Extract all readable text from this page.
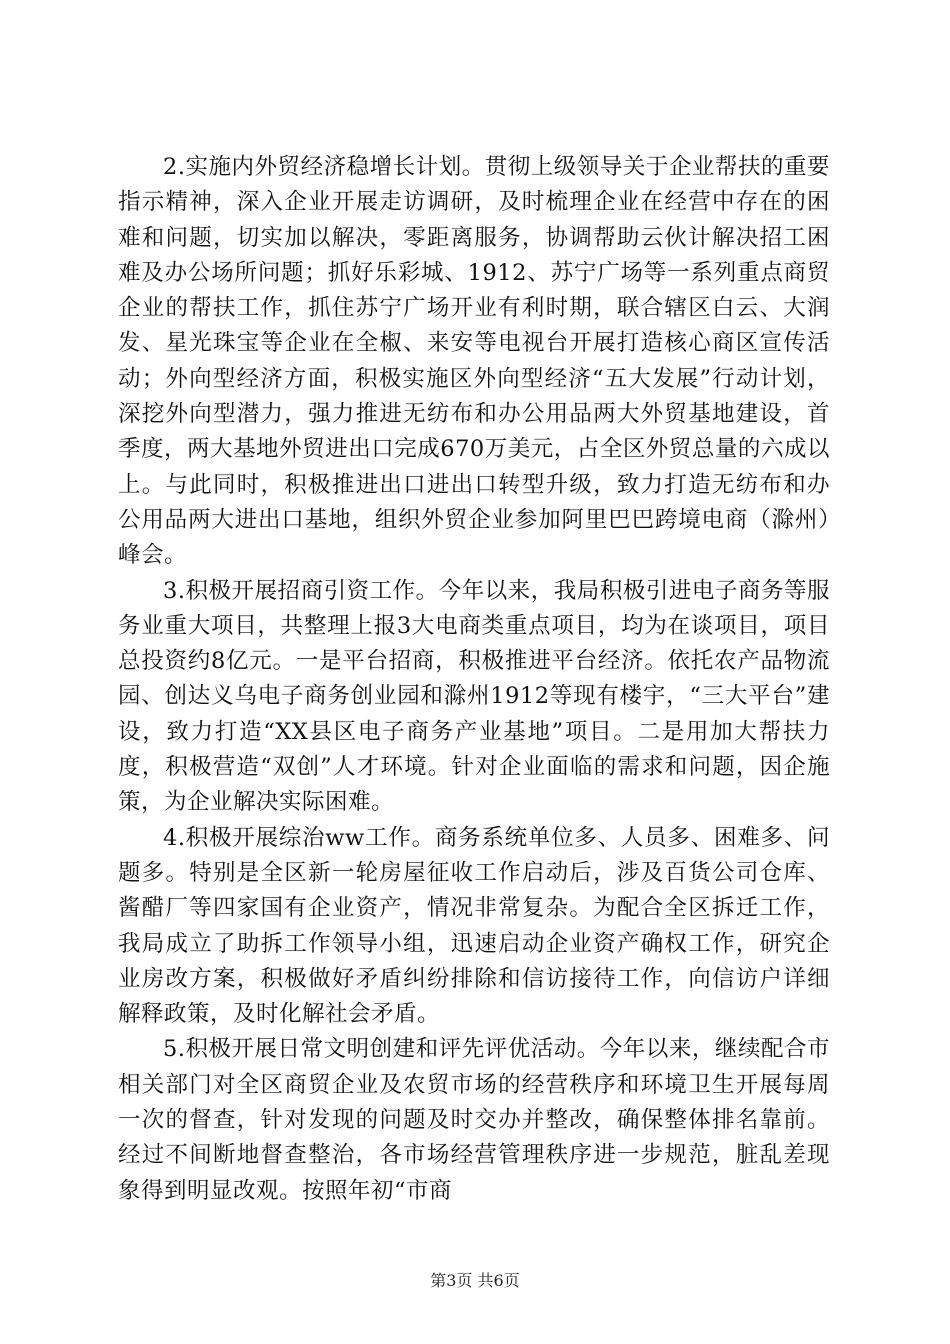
2.实施内外贸经济稳增长计划。贯彻上级领导关于企业帮扶的重要指示精神，深入企业开展走访调研，及时梳理企业在经营中存在的困难和问题，切实加以解决，零距离服务，协调帮助云伙计解决招工困难及办公场所问题；抓好乐彩城、1912、苏宁广场等一系列重点商贸企业的帮扶工作，抓住苏宁广场开业有利时期，联合辖区白云、大润发、星光珠宝等企业在全椒、来安等电视台开展打造核心商区宣传活动；外向型经济方面，积极实施区外向型经济“五大发展”行动计划，深挖外向型潜力，强力推进无纺布和办公用品两大外贸基地建设，首季度，两大基地外贸进出口完成670万美元，占全区外贸总量的六成以上。与此同时，积极推进出口进出口转型升级，致力打造无纺布和办公用品两大进出口基地，组织外贸企业参加阿里巴巴跨境电商（滁州）峰会。

3.积极开展招商引资工作。今年以来，我局积极引进电子商务等服务业重大项目，共整理上报3大电商类重点项目，均为在谈项目，项目总投资约8亿元。一是平台招商，积极推进平台经济。依托农产品物流园、创达义乌电子商务创业园和滁州1912等现有楼宇，“三大平台”建设，致力打造“XX县区电子商务产业基地”项目。二是用加大帮扶力度，积极营造“双创”人才环境。针对企业面临的需求和问题，因企施策，为企业解决实际困难。

4.积极开展综治ww工作。商务系统单位多、人员多、困难多、问题多。特别是全区新一轮房屋征收工作启动后，涉及百货公司仓库、酱醋厂等四家国有企业资产，情况非常复杂。为配合全区拆迁工作，我局成立了助拆工作领导小组，迅速启动企业资产确权工作，研究企业房改方案，积极做好矛盾纠纷排除和信访接待工作，向信访户详细解释政策，及时化解社会矛盾。

5.积极开展日常文明创建和评先评优活动。今年以来，继续配合市相关部门对全区商贸企业及农贸市场的经营秩序和环境卫生开展每周一次的督查，针对发现的问题及时交办并整改，确保整体排名靠前。经过不间断地督查整治，各市场经营管理秩序进一步规范，脏乱差现象得到明显改观。按照年初“市商

第3页 共6页
